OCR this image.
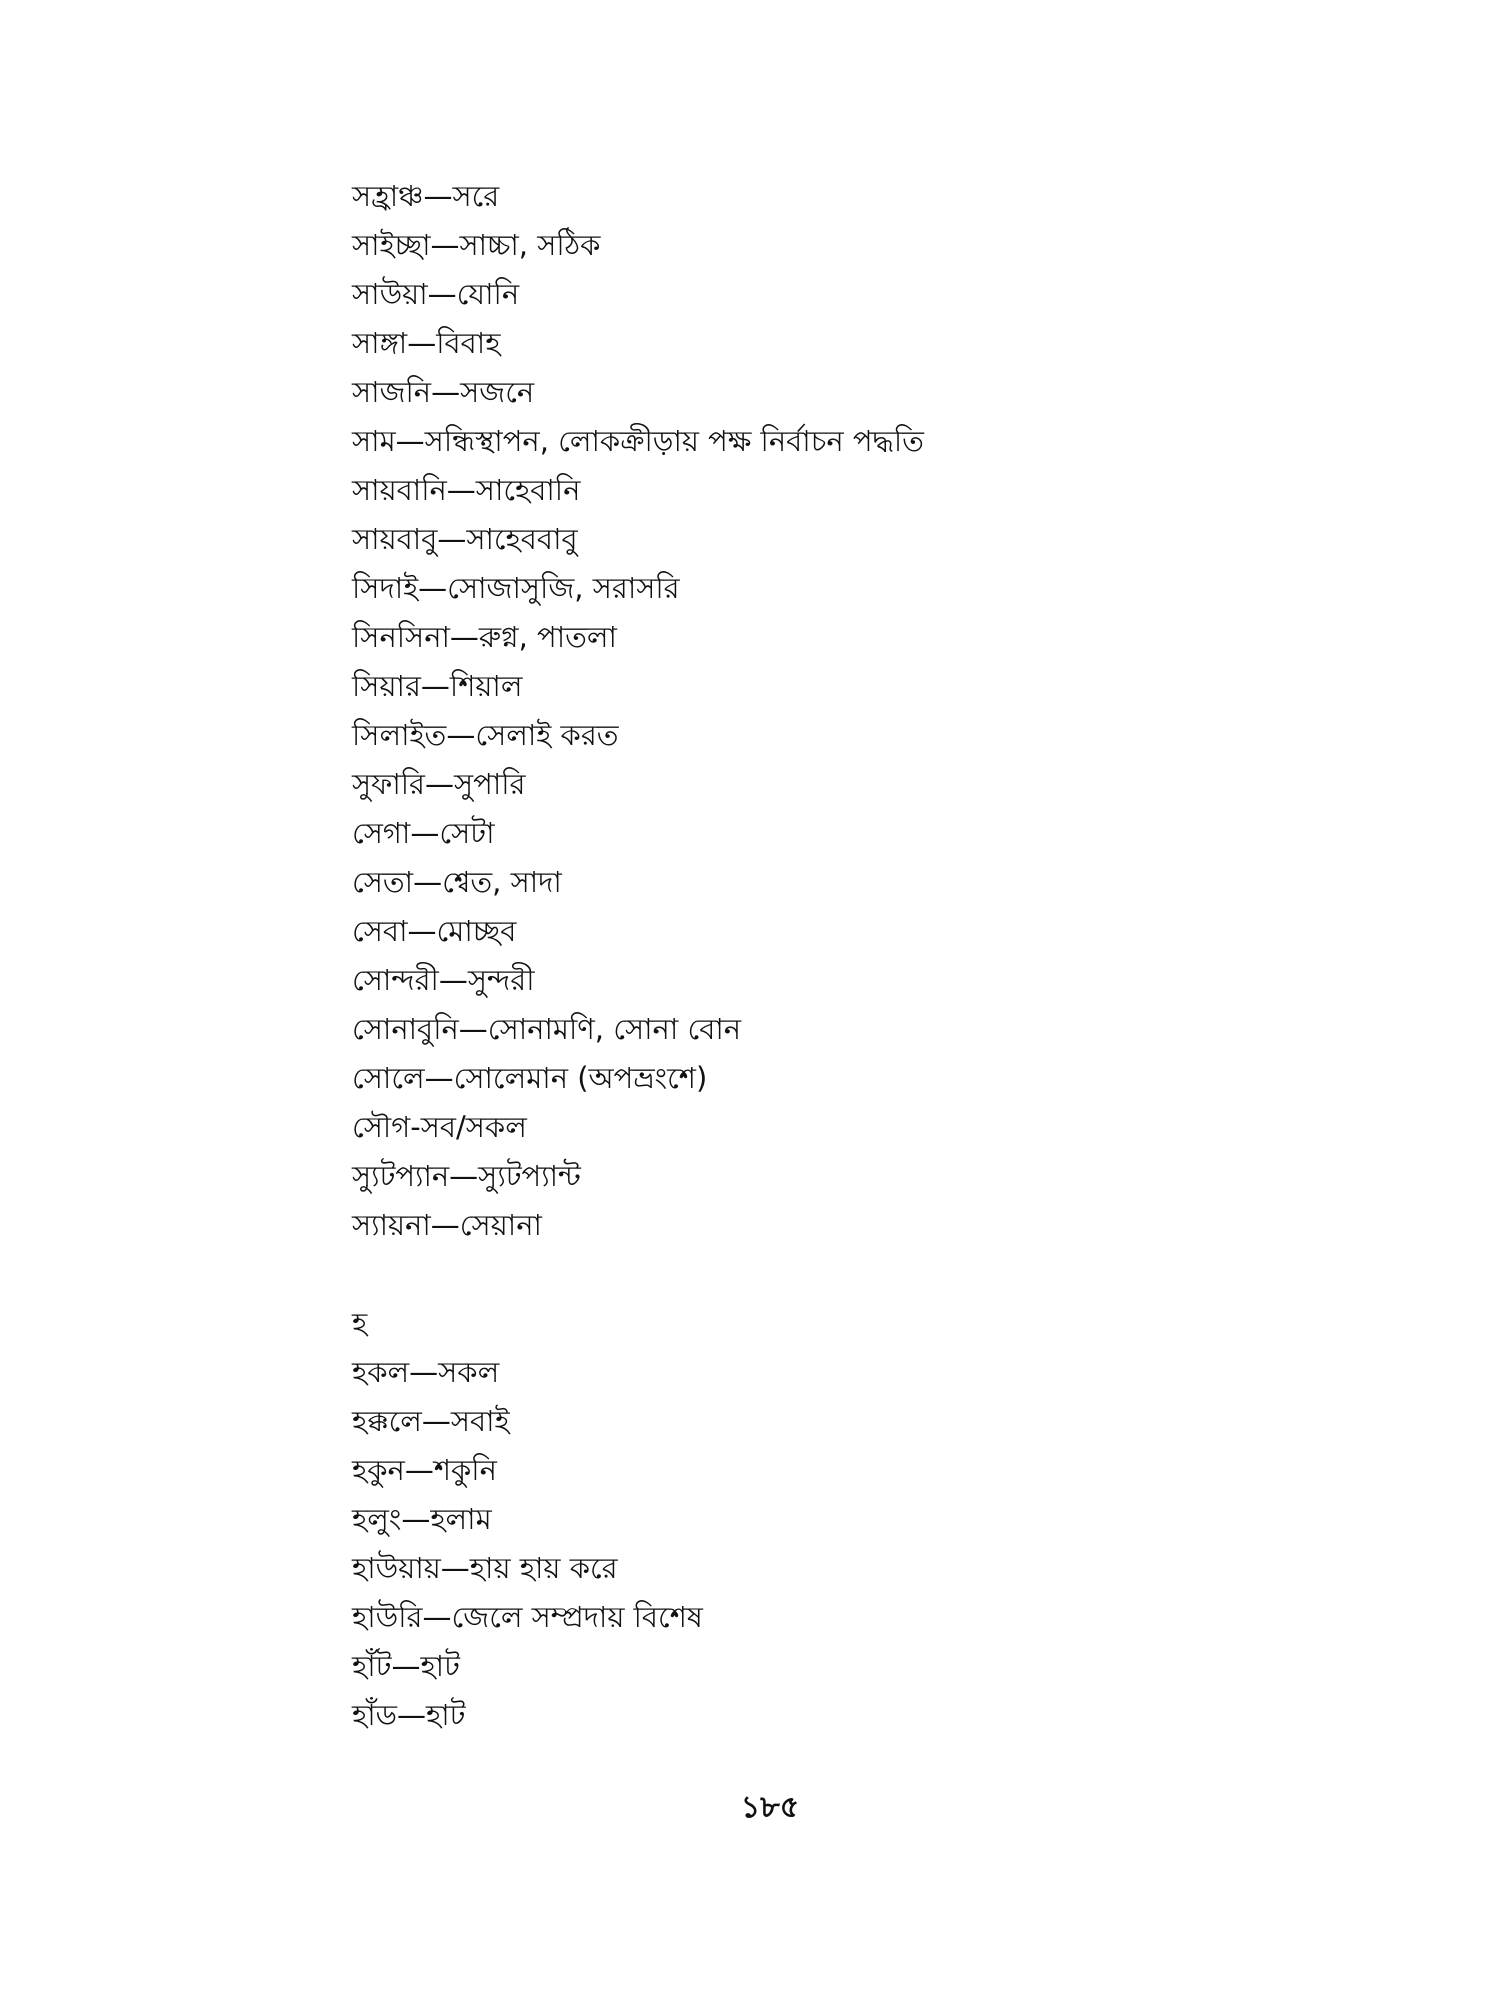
সহ্রাঞ্চ—সরে
সাইচ্ছা—সাচ্চা, সঠিক
সাউয়া—যোনি
সাঙ্গা—বিবাহ
সাজনি—সজনে
সাম—সন্ধিস্থাপন, লোকক্রীড়ায় পক্ষ নির্বাচন পদ্ধতি
সায়বানি—সাহেবানি
সায়বাবু—সাহেববাবু
সিদাই—সোজাসুজি, সরাসরি
সিনসিনা—রুগ্ন, পাতলা
সিয়ার—শিয়াল
সিলাইত—সেলাই করত
সুফারি—সুপারি
সেগা—সেটা
সেতা—শ্বেত, সাদা
সেবা—মোচ্ছব
সোন্দরী—সুন্দরী
সোনাবুনি—সোনামণি, সোনা বোন
সোলে—সোলেমান (অপভ্রংশে)
সৌগ-সব/সকল
স্যুটপ্যান—স্যুটপ্যান্ট
স্যায়না—সেয়ানা
হ
হকল—সকল
হক্কলে—সবাই
হকুন—শকুনি
হলুং—হলাম
হাউয়ায়—হায় হায় করে
হাউরি—জেলে সম্প্রদায় বিশেষ
হাঁট—হাট
হাঁড—হাট
১৮৫
